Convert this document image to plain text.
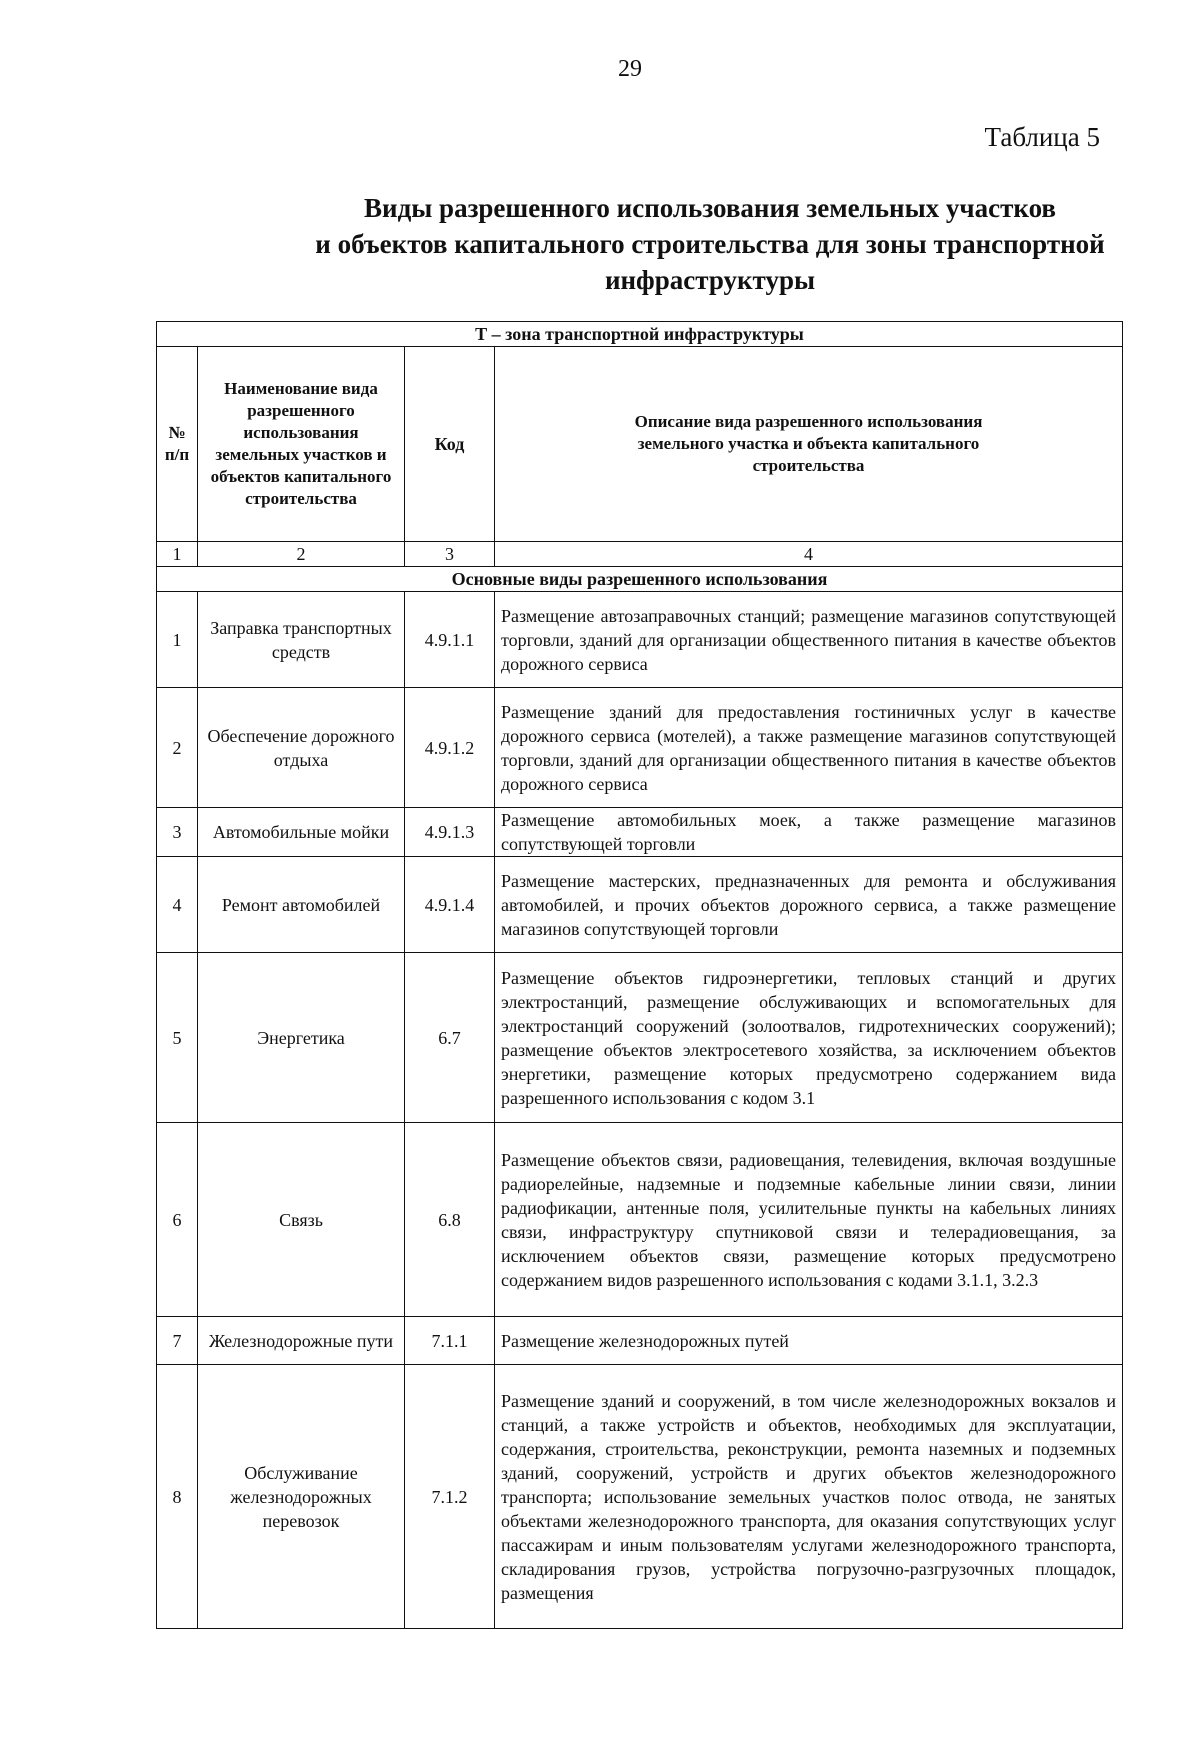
29
Таблица 5
Виды разрешенного использования земельных участков
и объектов капитального строительства для зоны транспортной
инфраструктуры
Т – зона транспортной инфраструктуры			
№ п/п	Наименование вида разрешенного использования земельных участков и объектов капитального строительства	Код	Описание вида разрешенного использования земельного участка и объекта капитального строительства
1	2	3	4
Основные виды разрешенного использования			
1	Заправка транспортных средств	4.9.1.1	Размещение автозаправочных станций; размещение магазинов сопутствующей торговли, зданий для организации общественного питания в качестве объектов дорожного сервиса
2	Обеспечение дорожного отдыха	4.9.1.2	Размещение зданий для предоставления гостиничных услуг в качестве дорожного сервиса (мотелей), а также размещение магазинов сопутствующей торговли, зданий для организации общественного питания в качестве объектов дорожного сервиса
3	Автомобильные мойки	4.9.1.3	Размещение автомобильных моек, а также размещение магазинов сопутствующей торговли
4	Ремонт автомобилей	4.9.1.4	Размещение мастерских, предназначенных для ремонта и обслуживания автомобилей, и прочих объектов дорожного сервиса, а также размещение магазинов сопутствующей торговли
5	Энергетика	6.7	Размещение объектов гидроэнергетики, тепловых станций и других электростанций, размещение обслуживающих и вспомогательных для электростанций сооружений (золоотвалов, гидротехнических сооружений); размещение объектов электросетевого хозяйства, за исключением объектов энергетики, размещение которых предусмотрено содержанием вида разрешенного использования с кодом 3.1
6	Связь	6.8	Размещение объектов связи, радиовещания, телевидения, включая воздушные радиорелейные, надземные и подземные кабельные линии связи, линии радиофикации, антенные поля, усилительные пункты на кабельных линиях связи, инфраструктуру спутниковой связи и телерадиовещания, за исключением объектов связи, размещение которых предусмотрено содержанием видов разрешенного использования с кодами 3.1.1, 3.2.3
7	Железнодорожные пути	7.1.1	Размещение железнодорожных путей
8	Обслуживание железнодорожных перевозок	7.1.2	Размещение зданий и сооружений, в том числе железнодорожных вокзалов и станций, а также устройств и объектов, необходимых для эксплуатации, содержания, строительства, реконструкции, ремонта наземных и подземных зданий, сооружений, устройств и других объектов железнодорожного транспорта; использование земельных участков полос отвода, не занятых объектами железнодорожного транспорта, для оказания сопутствующих услуг пассажирам и иным пользователям услугами железнодорожного транспорта, складирования грузов, устройства погрузочно-разгрузочных площадок, размещения
